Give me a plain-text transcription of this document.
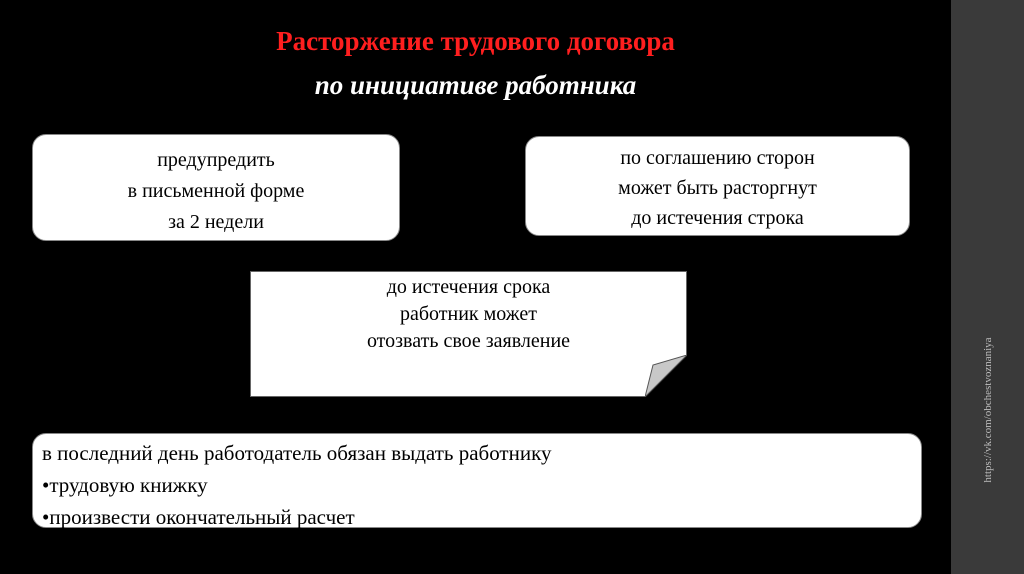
Расторжение трудового договора
по инициативе работника
предупредить
в письменной форме
за 2 недели
по соглашению сторон
может быть расторгнут
до истечения строка
до истечения срока
работник может
отозвать свое заявление
в последний день работодатель обязан выдать работнику
•трудовую книжку
•произвести окончательный расчет
https://vk.com/obchestvoznaniya
